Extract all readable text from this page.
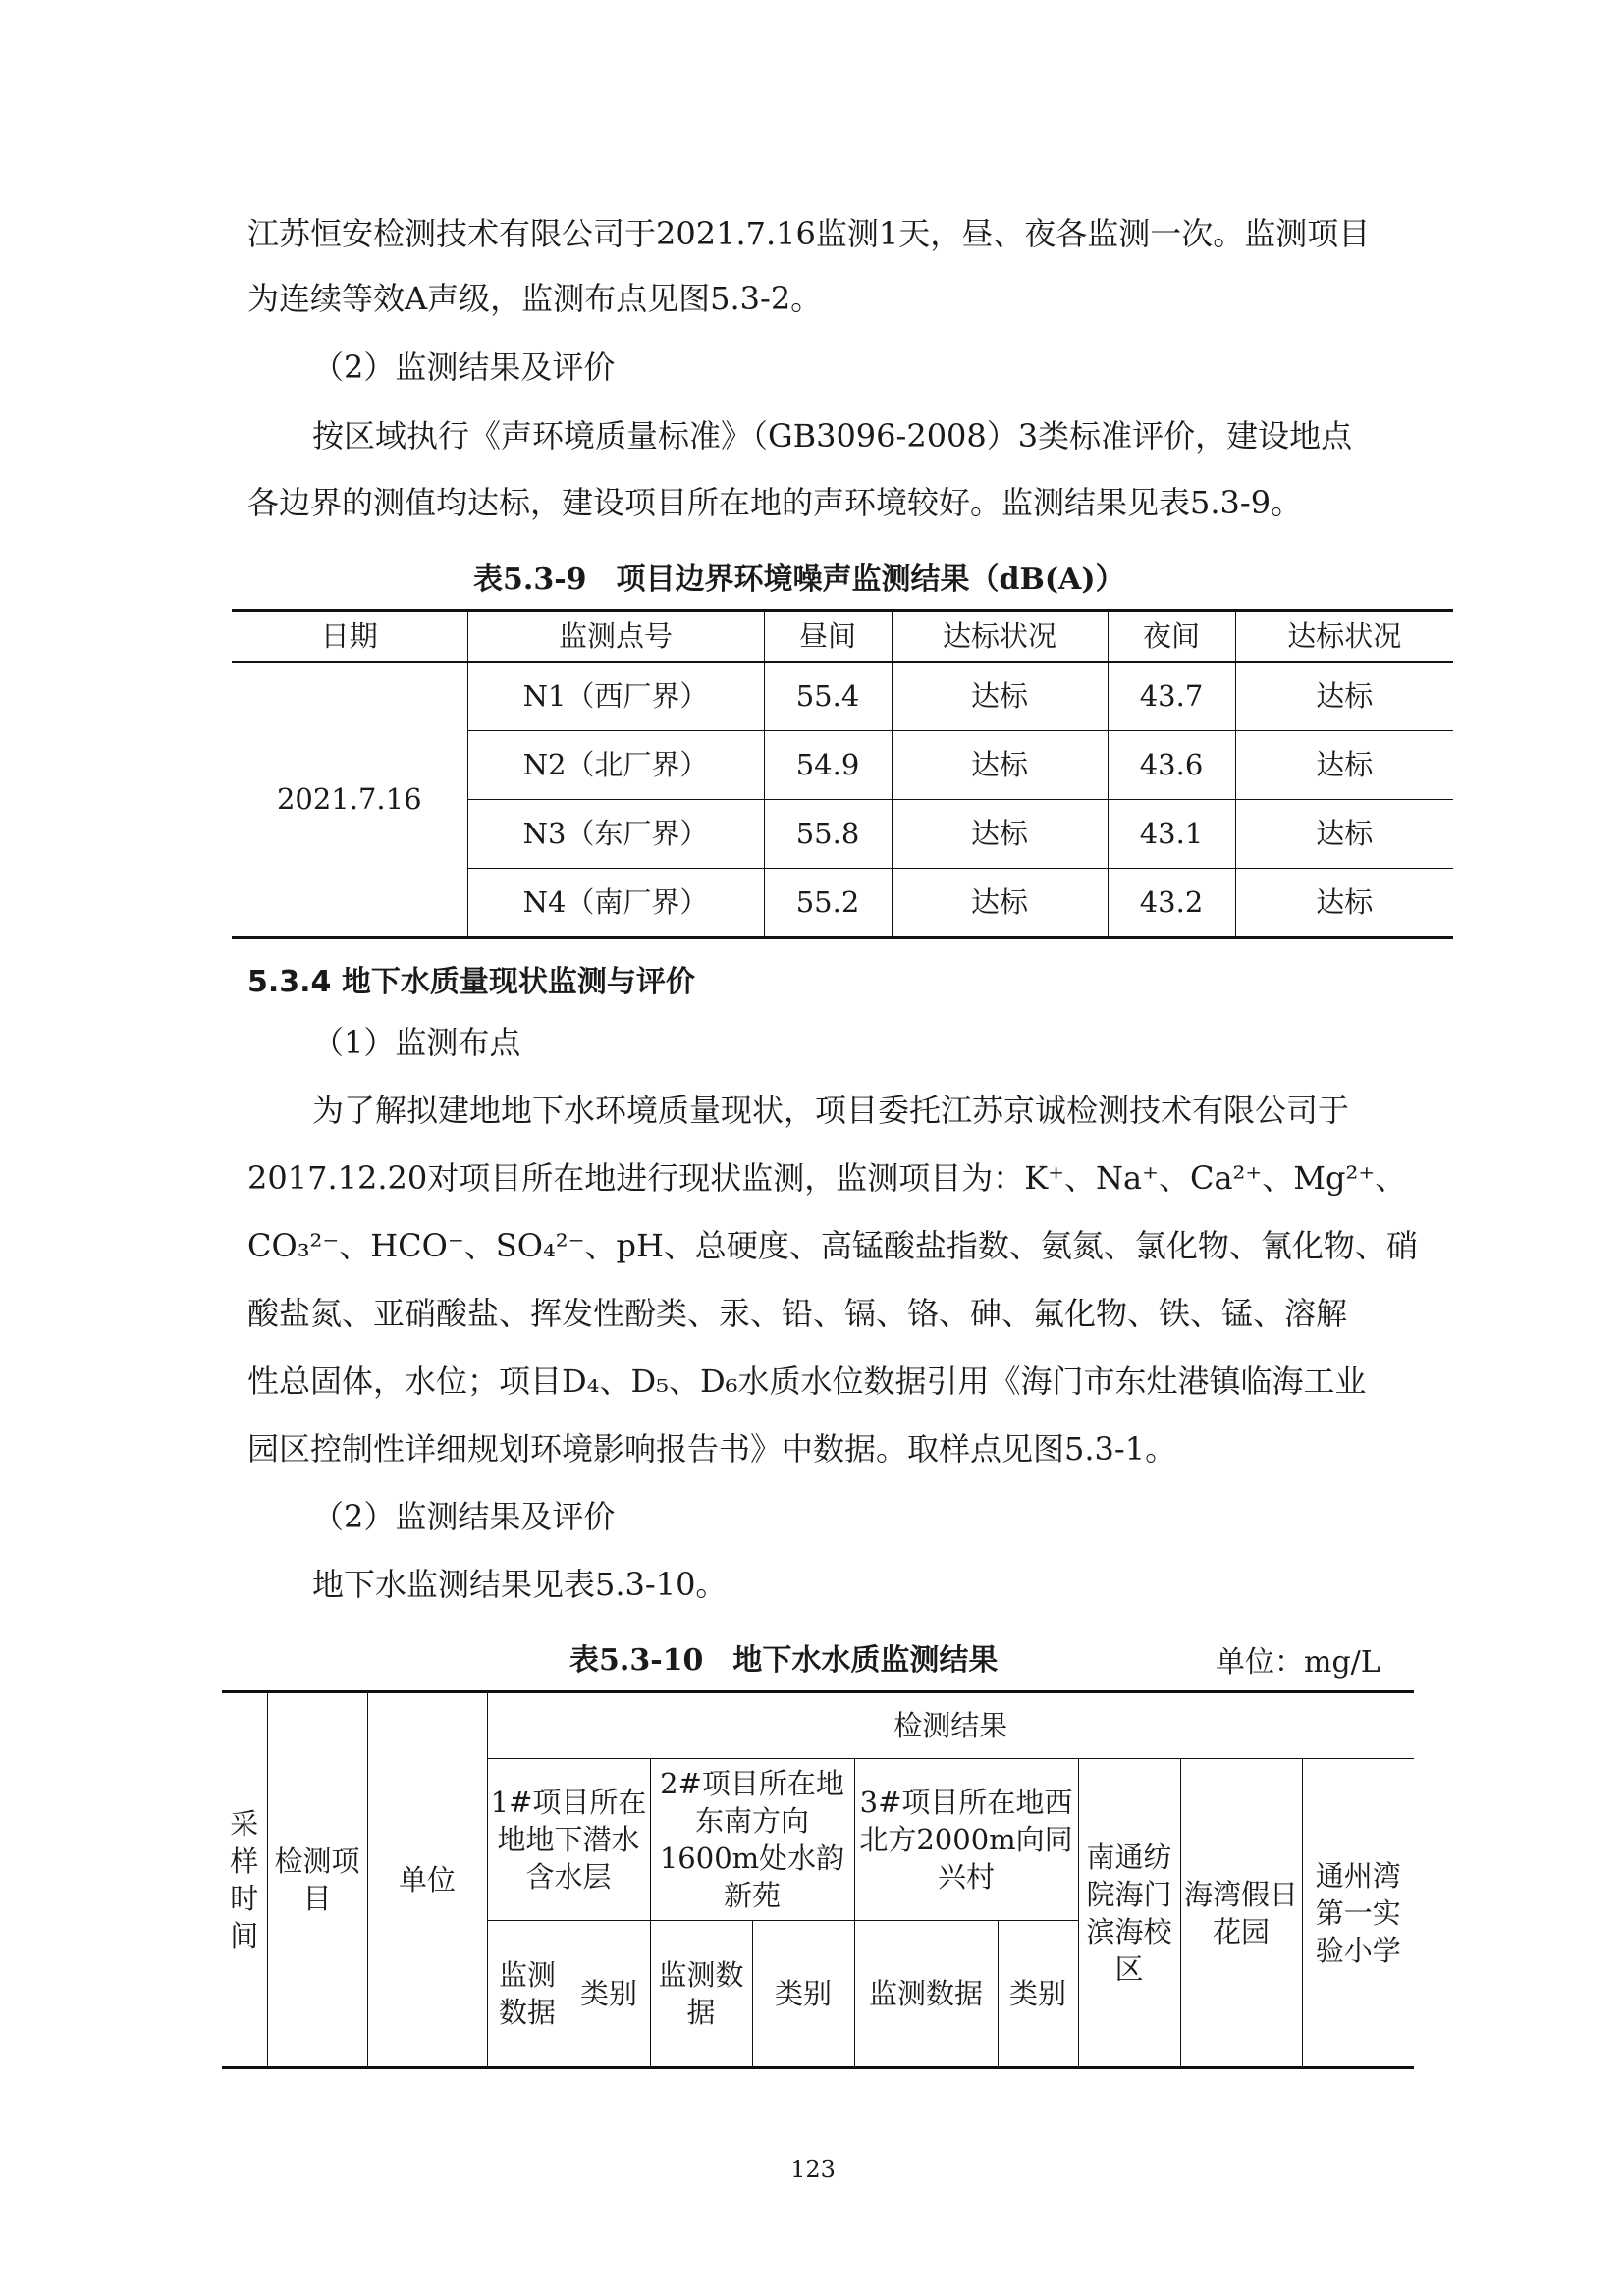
江苏恒安检测技术有限公司于2021.7.16监测1天，昼、夜各监测一次。监测项目

为连续等效A声级，监测布点见图5.3-2。

（2）监测结果及评价

按区域执行《声环境质量标准》（GB3096-2008）3类标准评价，建设地点

各边界的测值均达标，建设项目所在地的声环境较好。监测结果见表5.3-9。

表5.3-9　项目边界环境噪声监测结果（dB(A)）

日期	监测点号	昼间	达标状况	夜间	达标状况
2021.7.16	N1（西厂界）	55.4	达标	43.7	达标
	N2（北厂界）	54.9	达标	43.6	达标
	N3（东厂界）	55.8	达标	43.1	达标
	N4（南厂界）	55.2	达标	43.2	达标

5.3.4 地下水质量现状监测与评价

（1）监测布点

为了解拟建地地下水环境质量现状，项目委托江苏京诚检测技术有限公司于

2017.12.20对项目所在地进行现状监测，监测项目为：K⁺、Na⁺、Ca²⁺、Mg²⁺、

CO₃²⁻、HCO⁻、SO₄²⁻、pH、总硬度、高锰酸盐指数、氨氮、氯化物、氰化物、硝

酸盐氮、亚硝酸盐、挥发性酚类、汞、铅、镉、铬、砷、氟化物、铁、锰、溶解

性总固体，水位；项目D₄、D₅、D₆水质水位数据引用《海门市东灶港镇临海工业

园区控制性详细规划环境影响报告书》中数据。取样点见图5.3-1。

（2）监测结果及评价

地下水监测结果见表5.3-10。

表5.3-10　地下水水质监测结果	单位：mg/L
采
样
时
间	检测项目	单位	检测结果								
			1#项目所在地地下潜水含水层		2#项目所在地东南方向1600m处水韵新苑		3#项目所在地西北方2000m向同兴村		南通纺院海门滨海校区	海湾假日花园	通州湾第一实验小学
			监测数据	类别	监测数据	类别	监测数据	类别			
123
